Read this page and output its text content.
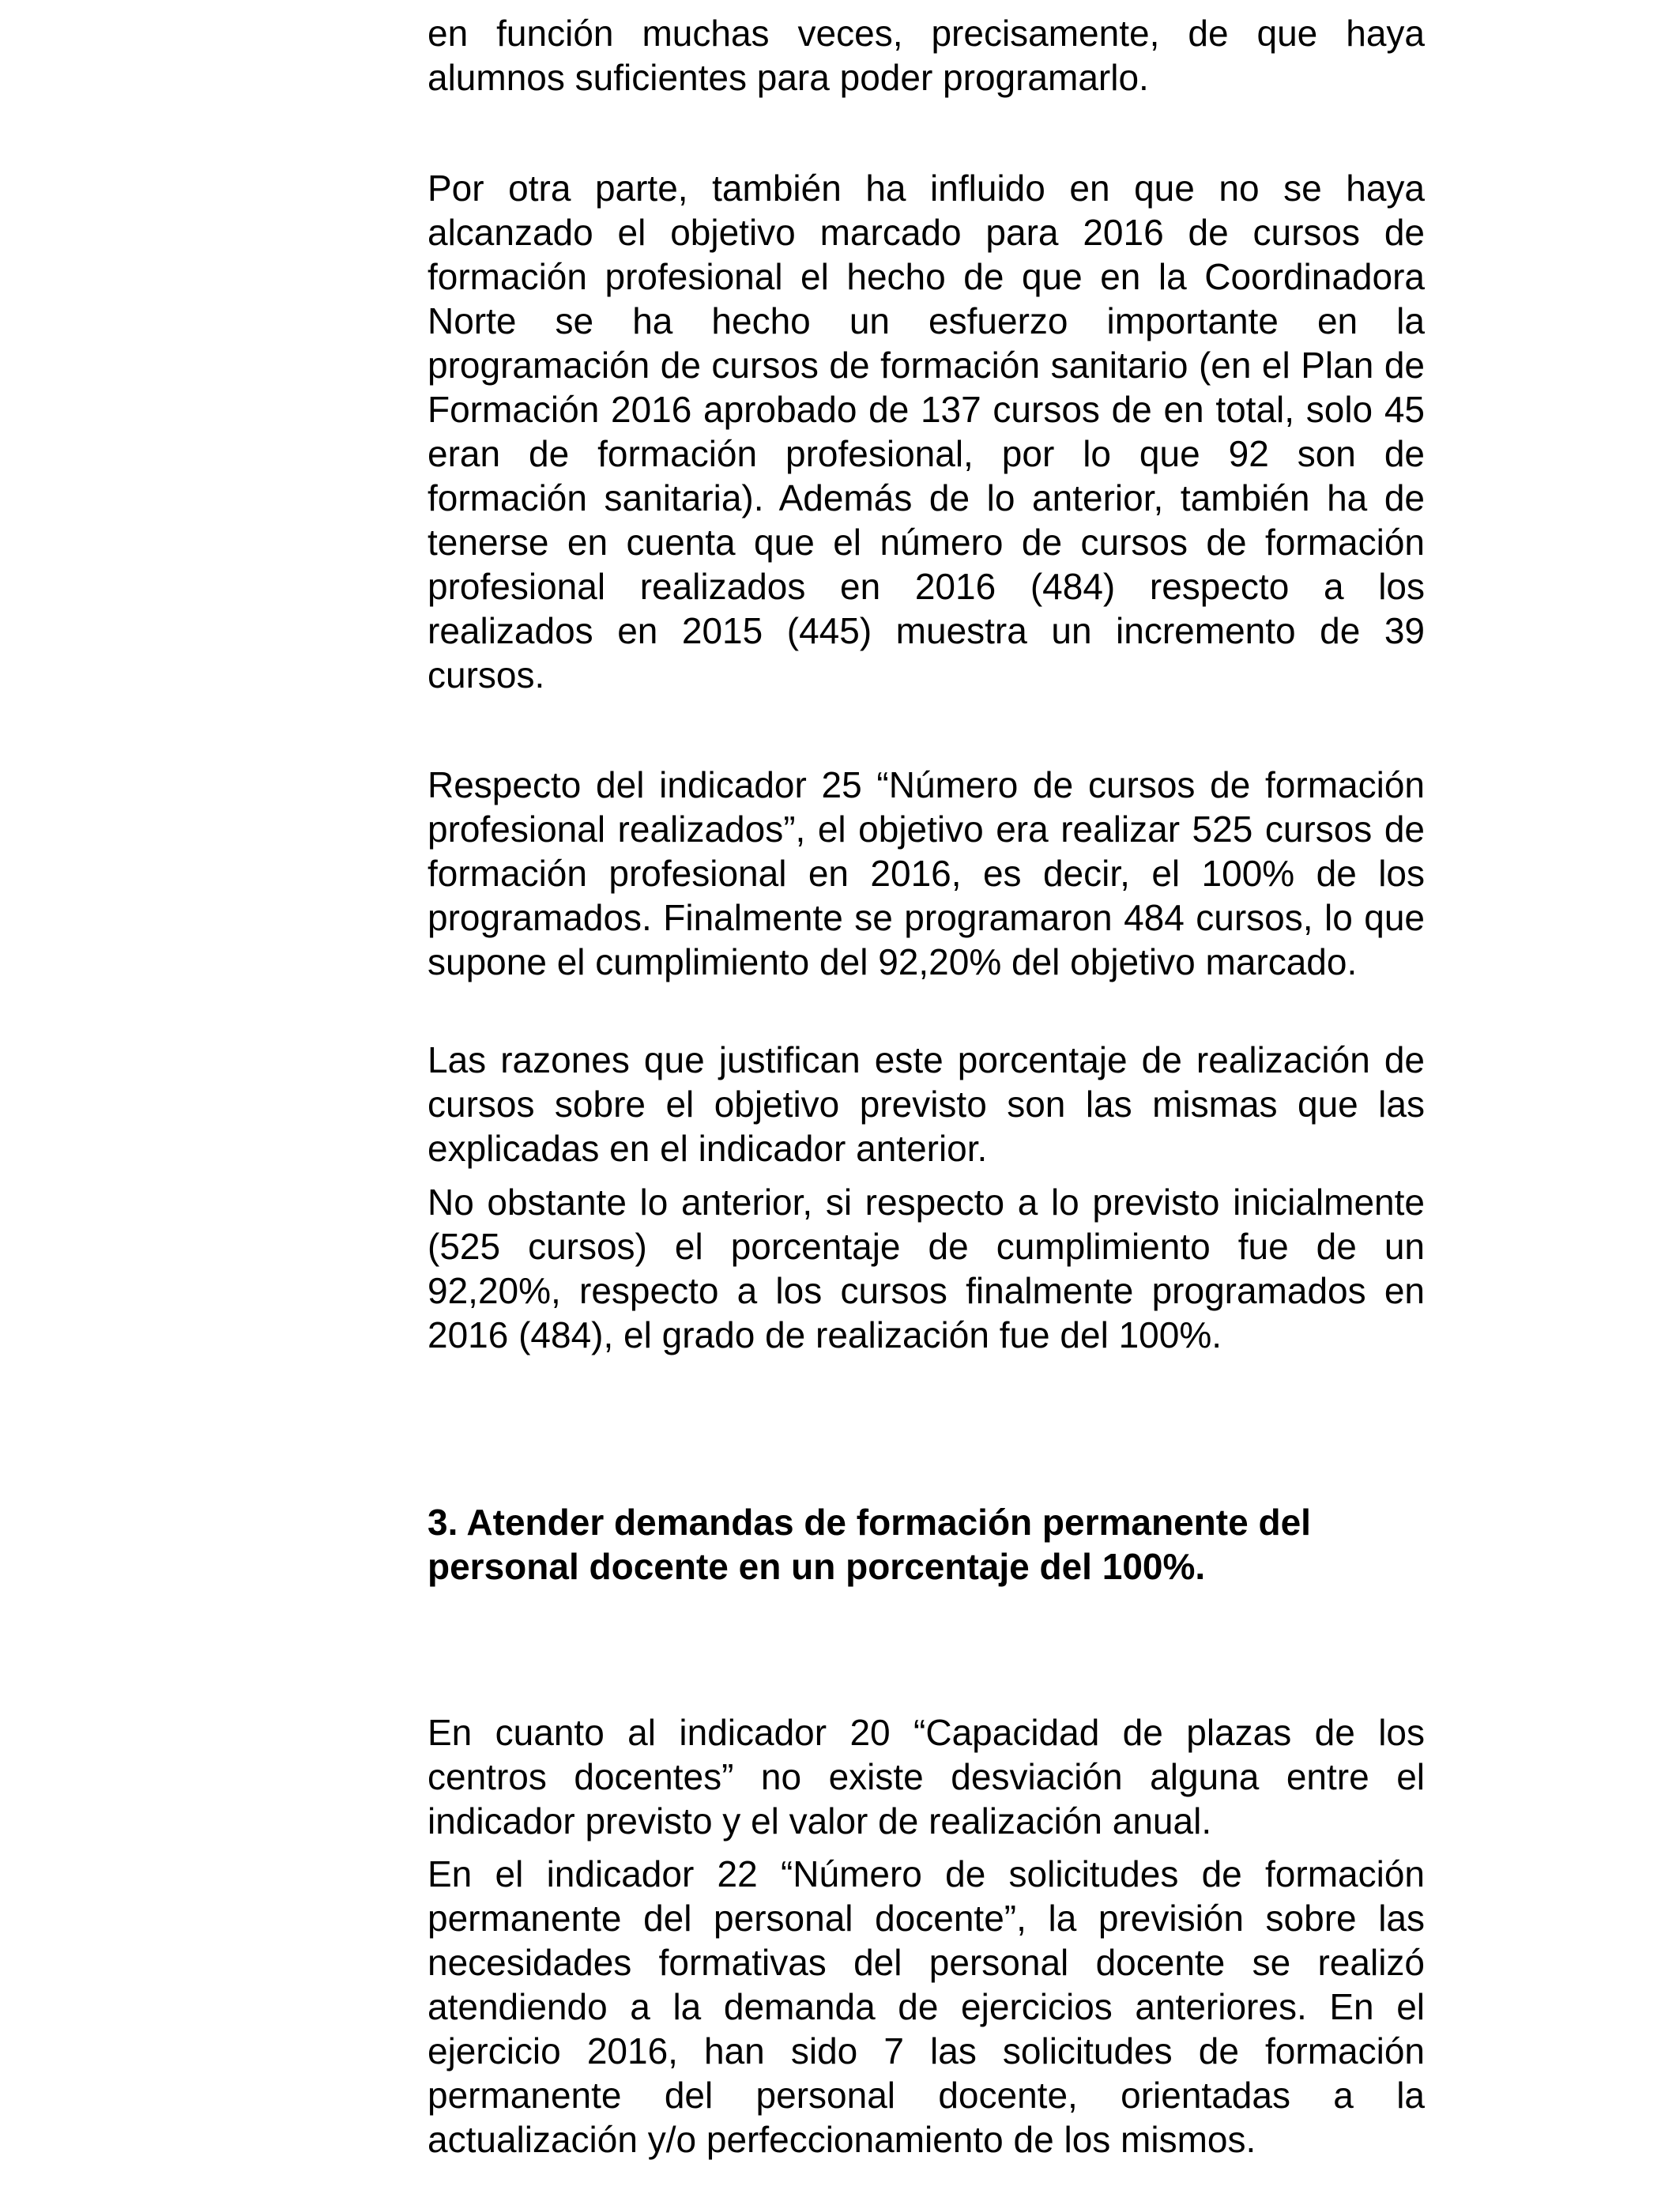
en función muchas veces, precisamente, de que haya alumnos suficientes para poder programarlo.

Por otra parte, también ha influido en que no se haya alcanzado el objetivo marcado para 2016 de cursos de formación profesional el hecho de que en la Coordinadora Norte se ha hecho un esfuerzo importante en la programación de cursos de formación sanitario (en el Plan de Formación 2016 aprobado de 137 cursos de en total, solo 45 eran de formación profesional, por lo que 92 son de formación sanitaria). Además de lo anterior, también ha de tenerse en cuenta que el número de cursos de formación profesional realizados en 2016 (484) respecto a los realizados en 2015 (445) muestra un incremento de 39 cursos.

Respecto del indicador 25 “Número de cursos de formación profesional realizados”, el objetivo era realizar 525 cursos de formación profesional en 2016, es decir, el 100% de los programados. Finalmente se programaron 484 cursos, lo que supone el cumplimiento del 92,20% del objetivo marcado.

Las razones que justifican este porcentaje de realización de cursos sobre el objetivo previsto son las mismas que las explicadas en el indicador anterior.

No obstante lo anterior, si respecto a lo previsto inicialmente (525 cursos) el porcentaje de cumplimiento fue de un 92,20%, respecto a los cursos finalmente programados en 2016 (484), el grado de realización fue del 100%.

3. Atender demandas de formación permanente del personal docente en un porcentaje del 100%.

En cuanto al indicador 20 “Capacidad de plazas de los centros docentes” no existe desviación alguna entre el indicador previsto y el valor de realización anual.

En el indicador 22 “Número de solicitudes de formación permanente del personal docente”, la previsión sobre las necesidades formativas del personal docente se realizó atendiendo a la demanda de ejercicios anteriores. En el ejercicio 2016, han sido 7 las solicitudes de formación permanente del personal docente, orientadas a la actualización y/o perfeccionamiento de los mismos.
